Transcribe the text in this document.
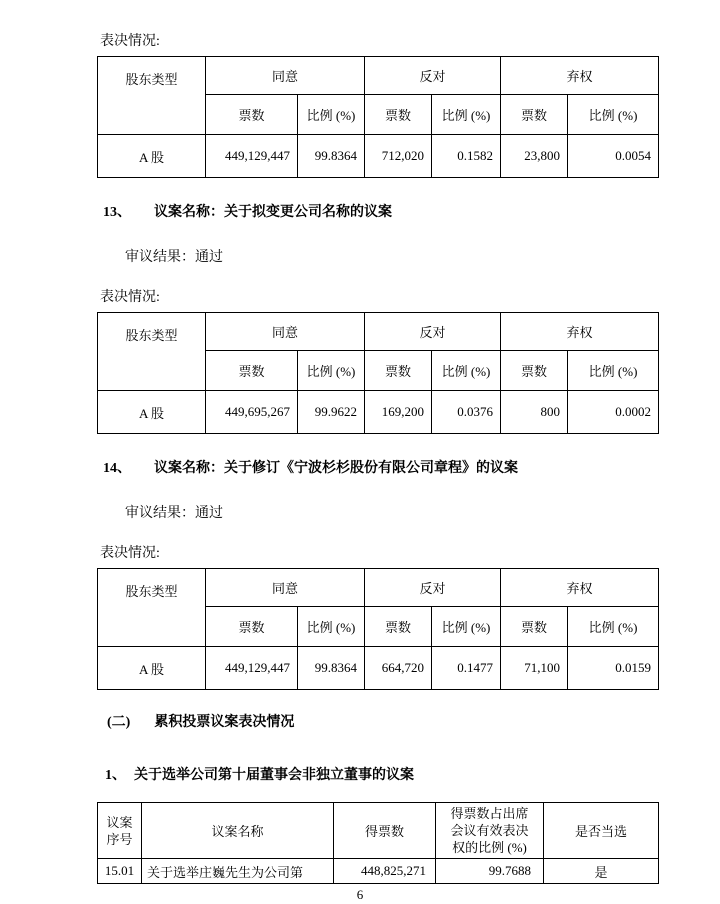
表决情况:
股东类型	同意		反对		弃权	
	票数	比例 (%)	票数	比例 (%)	票数	比例 (%)
A 股	449,129,447	99.8364	712,020	0.1582	23,800	0.0054
13、 议案名称：关于拟变更公司名称的议案
审议结果：通过
表决情况:
股东类型	同意		反对		弃权	
	票数	比例 (%)	票数	比例 (%)	票数	比例 (%)
A 股	449,695,267	99.9622	169,200	0.0376	800	0.0002
14、 议案名称：关于修订《宁波杉杉股份有限公司章程》的议案
审议结果：通过
表决情况:
股东类型	同意		反对		弃权	
	票数	比例 (%)	票数	比例 (%)	票数	比例 (%)
A 股	449,129,447	99.8364	664,720	0.1477	71,100	0.0159
(二) 累积投票议案表决情况
1、 关于选举公司第十届董事会非独立董事的议案
议案序号	议案名称	得票数	得票数占出席会议有效表决权的比例 (%)	是否当选
15.01	关于选举庄巍先生为公司第	448,825,271	99.7688	是
6
